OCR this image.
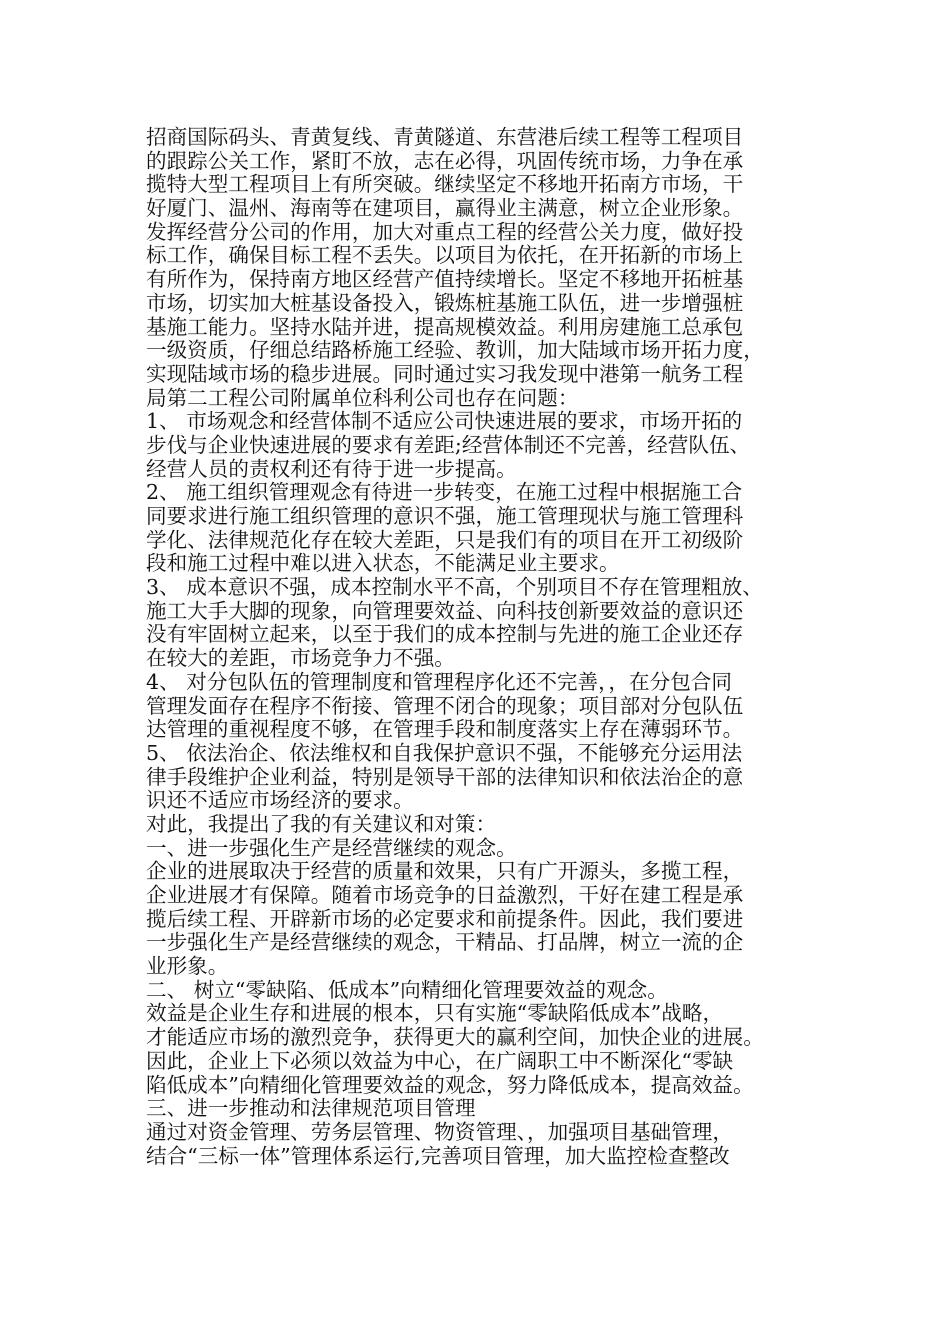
招商国际码头、青黄复线、青黄隧道、东营港后续工程等工程项目
的跟踪公关工作，紧盯不放，志在必得，巩固传统市场，力争在承
揽特大型工程项目上有所突破。继续坚定不移地开拓南方市场，干
好厦门、温州、海南等在建项目，赢得业主满意，树立企业形象。
发挥经营分公司的作用，加大对重点工程的经营公关力度，做好投
标工作，确保目标工程不丢失。以项目为依托，在开拓新的市场上
有所作为，保持南方地区经营产值持续增长。坚定不移地开拓桩基
市场，切实加大桩基设备投入，锻炼桩基施工队伍，进一步增强桩
基施工能力。坚持水陆并进，提高规模效益。利用房建施工总承包
一级资质，仔细总结路桥施工经验、教训，加大陆域市场开拓力度，
实现陆域市场的稳步进展。同时通过实习我发现中港第一航务工程
局第二工程公司附属单位科利公司也存在问题：
1、 市场观念和经营体制不适应公司快速进展的要求，市场开拓的
步伐与企业快速进展的要求有差距;经营体制还不完善，经营队伍、
经营人员的责权利还有待于进一步提高。
2、 施工组织管理观念有待进一步转变，在施工过程中根据施工合
同要求进行施工组织管理的意识不强，施工管理现状与施工管理科
学化、法律规范化存在较大差距，只是我们有的项目在开工初级阶
段和施工过程中难以进入状态，不能满足业主要求。
3、 成本意识不强，成本控制水平不高，个别项目不存在管理粗放、
施工大手大脚的现象，向管理要效益、向科技创新要效益的意识还
没有牢固树立起来，以至于我们的成本控制与先进的施工企业还存
在较大的差距，市场竞争力不强。
4、 对分包队伍的管理制度和管理程序化还不完善，，在分包合同
管理发面存在程序不衔接、管理不闭合的现象；项目部对分包队伍
达管理的重视程度不够，在管理手段和制度落实上存在薄弱环节。
5、 依法治企、依法维权和自我保护意识不强，不能够充分运用法
律手段维护企业利益，特别是领导干部的法律知识和依法治企的意
识还不适应市场经济的要求。
对此，我提出了我的有关建议和对策：
一、进一步强化生产是经营继续的观念。
企业的进展取决于经营的质量和效果，只有广开源头，多揽工程，
企业进展才有保障。随着市场竞争的日益激烈，干好在建工程是承
揽后续工程、开辟新市场的必定要求和前提条件。因此，我们要进
一步强化生产是经营继续的观念，干精品、打品牌，树立一流的企
业形象。
二、 树立“零缺陷、低成本”向精细化管理要效益的观念。
效益是企业生存和进展的根本，只有实施“零缺陷低成本”战略，
才能适应市场的激烈竞争，获得更大的赢利空间，加快企业的进展。
因此，企业上下必须以效益为中心，在广阔职工中不断深化“零缺
陷低成本”向精细化管理要效益的观念，努力降低成本，提高效益。
三、进一步推动和法律规范项目管理
通过对资金管理、劳务层管理、物资管理、，加强项目基础管理，
结合“三标一体”管理体系运行,完善项目管理，加大监控检查整改
